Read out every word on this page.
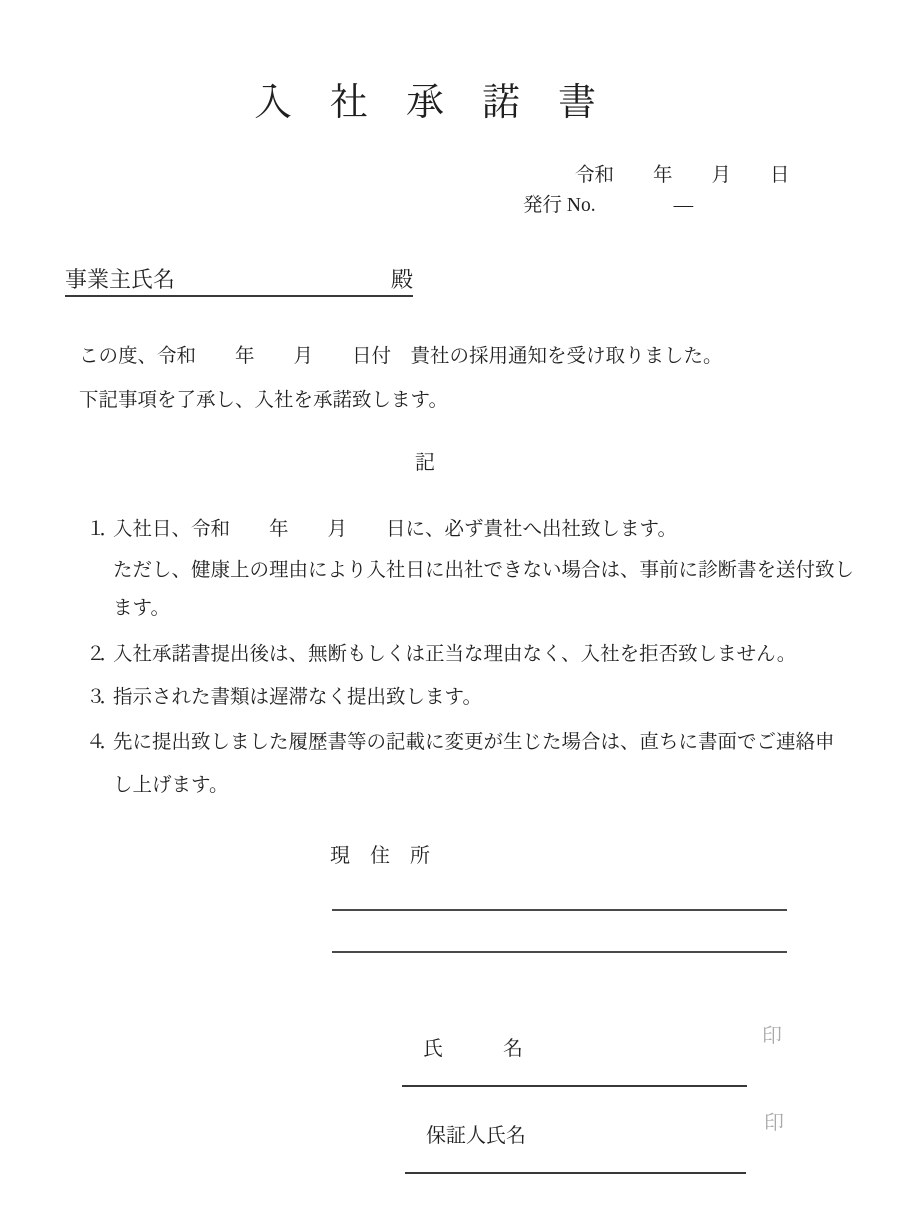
入　社　承　諾　書
令和　　年　　月　　日
発行 No.　　　　―
事業主氏名	殿
この度、令和　　年　　月　　日付　貴社の採用通知を受け取りました。
下記事項を了承し、入社を承諾致します。
記
１．入社日、令和　　年　　月　　日に、必ず貴社へ出社致します。
ただし、健康上の理由により入社日に出社できない場合は、事前に診断書を送付致し
ます。
２．入社承諾書提出後は、無断もしくは正当な理由なく、入社を拒否致しません。
３．指示された書類は遅滞なく提出致します。
４．先に提出致しました履歴書等の記載に変更が生じた場合は、直ちに書面でご連絡申
し上げます。
現　住　所

氏　　　名

印

保証人氏名

印
